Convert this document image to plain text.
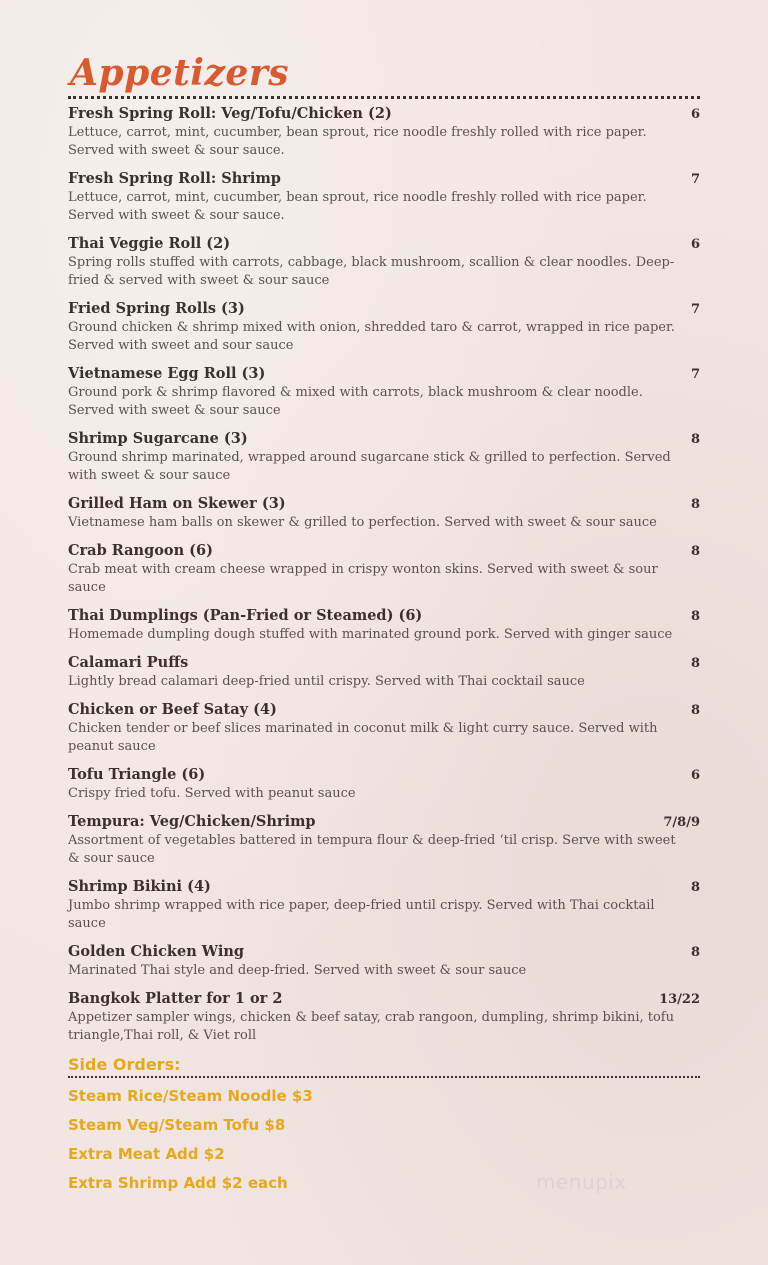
Appetizers
Fresh Spring Roll: Veg/Tofu/Chicken (2)	6
Lettuce, carrot, mint, cucumber, bean sprout, rice noodle freshly rolled with rice paper. Served with sweet & sour sauce.
Fresh Spring Roll: Shrimp	7
Lettuce, carrot, mint, cucumber, bean sprout, rice noodle freshly rolled with rice paper. Served with sweet & sour sauce.
Thai Veggie Roll (2)	6
Spring rolls stuffed with carrots, cabbage, black mushroom, scallion & clear noodles. Deep-fried & served with sweet & sour sauce
Fried Spring Rolls (3)	7
Ground chicken & shrimp mixed with onion, shredded taro & carrot, wrapped in rice paper. Served with sweet and sour sauce
Vietnamese Egg Roll (3)	7
Ground pork & shrimp flavored & mixed with carrots, black mushroom & clear noodle. Served with sweet & sour sauce
Shrimp Sugarcane (3)	8
Ground shrimp marinated, wrapped around sugarcane stick & grilled to perfection. Served with sweet & sour sauce
Grilled Ham on Skewer (3)	8
Vietnamese ham balls on skewer & grilled to perfection. Served with sweet & sour sauce
Crab Rangoon (6)	8
Crab meat with cream cheese wrapped in crispy wonton skins. Served with sweet & sour sauce
Thai Dumplings (Pan-Fried or Steamed) (6)	8
Homemade dumpling dough stuffed with marinated ground pork. Served with ginger sauce
Calamari Puffs	8
Lightly bread calamari deep-fried until crispy. Served with Thai cocktail sauce
Chicken or Beef Satay (4)	8
Chicken tender or beef slices marinated in coconut milk & light curry sauce. Served with peanut sauce
Tofu Triangle (6)	6
Crispy fried tofu. Served with peanut sauce
Tempura: Veg/Chicken/Shrimp	7/8/9
Assortment of vegetables battered in tempura flour & deep-fried ‘til crisp. Serve with sweet & sour sauce
Shrimp Bikini (4)	8
Jumbo shrimp wrapped with rice paper, deep-fried until crispy. Served with Thai cocktail sauce
Golden Chicken Wing	8
Marinated Thai style and deep-fried. Served with sweet & sour sauce
Bangkok Platter for 1 or 2	13/22
Appetizer sampler wings, chicken & beef satay, crab rangoon, dumpling, shrimp bikini, tofu triangle,Thai roll, & Viet roll
Side Orders:
Steam Rice/Steam Noodle $3
Steam Veg/Steam Tofu $8
Extra Meat Add $2
Extra Shrimp Add $2 each	menupix
